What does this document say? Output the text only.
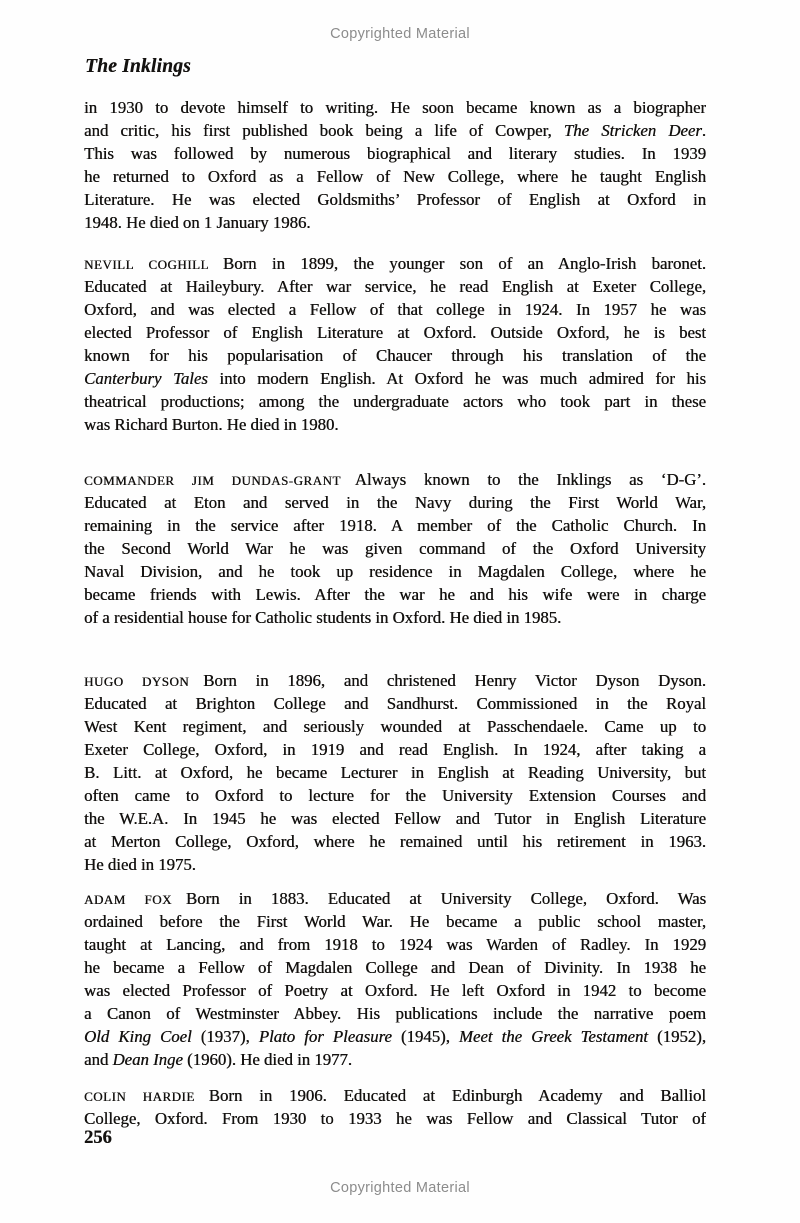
Copyrighted Material
The Inklings
in 1930 to devote himself to writing. He soon became known as a biographer
and critic, his first published book being a life of Cowper, The Stricken Deer.
This was followed by numerous biographical and literary studies. In 1939
he returned to Oxford as a Fellow of New College, where he taught English
Literature. He was elected Goldsmiths’ Professor of English at Oxford in
1948. He died on 1 January 1986.
NEVILL COGHILL Born in 1899, the younger son of an Anglo-Irish baronet.
Educated at Haileybury. After war service, he read English at Exeter College,
Oxford, and was elected a Fellow of that college in 1924. In 1957 he was
elected Professor of English Literature at Oxford. Outside Oxford, he is best
known for his popularisation of Chaucer through his translation of the
Canterbury Tales into modern English. At Oxford he was much admired for his
theatrical productions; among the undergraduate actors who took part in these
was Richard Burton. He died in 1980.
COMMANDER JIM DUNDAS-GRANT Always known to the Inklings as ‘D-G’.
Educated at Eton and served in the Navy during the First World War,
remaining in the service after 1918. A member of the Catholic Church. In
the Second World War he was given command of the Oxford University
Naval Division, and he took up residence in Magdalen College, where he
became friends with Lewis. After the war he and his wife were in charge
of a residential house for Catholic students in Oxford. He died in 1985.
HUGO DYSON Born in 1896, and christened Henry Victor Dyson Dyson.
Educated at Brighton College and Sandhurst. Commissioned in the Royal
West Kent regiment, and seriously wounded at Passchendaele. Came up to
Exeter College, Oxford, in 1919 and read English. In 1924, after taking a
B. Litt. at Oxford, he became Lecturer in English at Reading University, but
often came to Oxford to lecture for the University Extension Courses and
the W.E.A. In 1945 he was elected Fellow and Tutor in English Literature
at Merton College, Oxford, where he remained until his retirement in 1963.
He died in 1975.
ADAM FOX Born in 1883. Educated at University College, Oxford. Was
ordained before the First World War. He became a public school master,
taught at Lancing, and from 1918 to 1924 was Warden of Radley. In 1929
he became a Fellow of Magdalen College and Dean of Divinity. In 1938 he
was elected Professor of Poetry at Oxford. He left Oxford in 1942 to become
a Canon of Westminster Abbey. His publications include the narrative poem
Old King Coel (1937), Plato for Pleasure (1945), Meet the Greek Testament (1952),
and Dean Inge (1960). He died in 1977.
COLIN HARDIE Born in 1906. Educated at Edinburgh Academy and Balliol
College, Oxford. From 1930 to 1933 he was Fellow and Classical Tutor of
256
Copyrighted Material
